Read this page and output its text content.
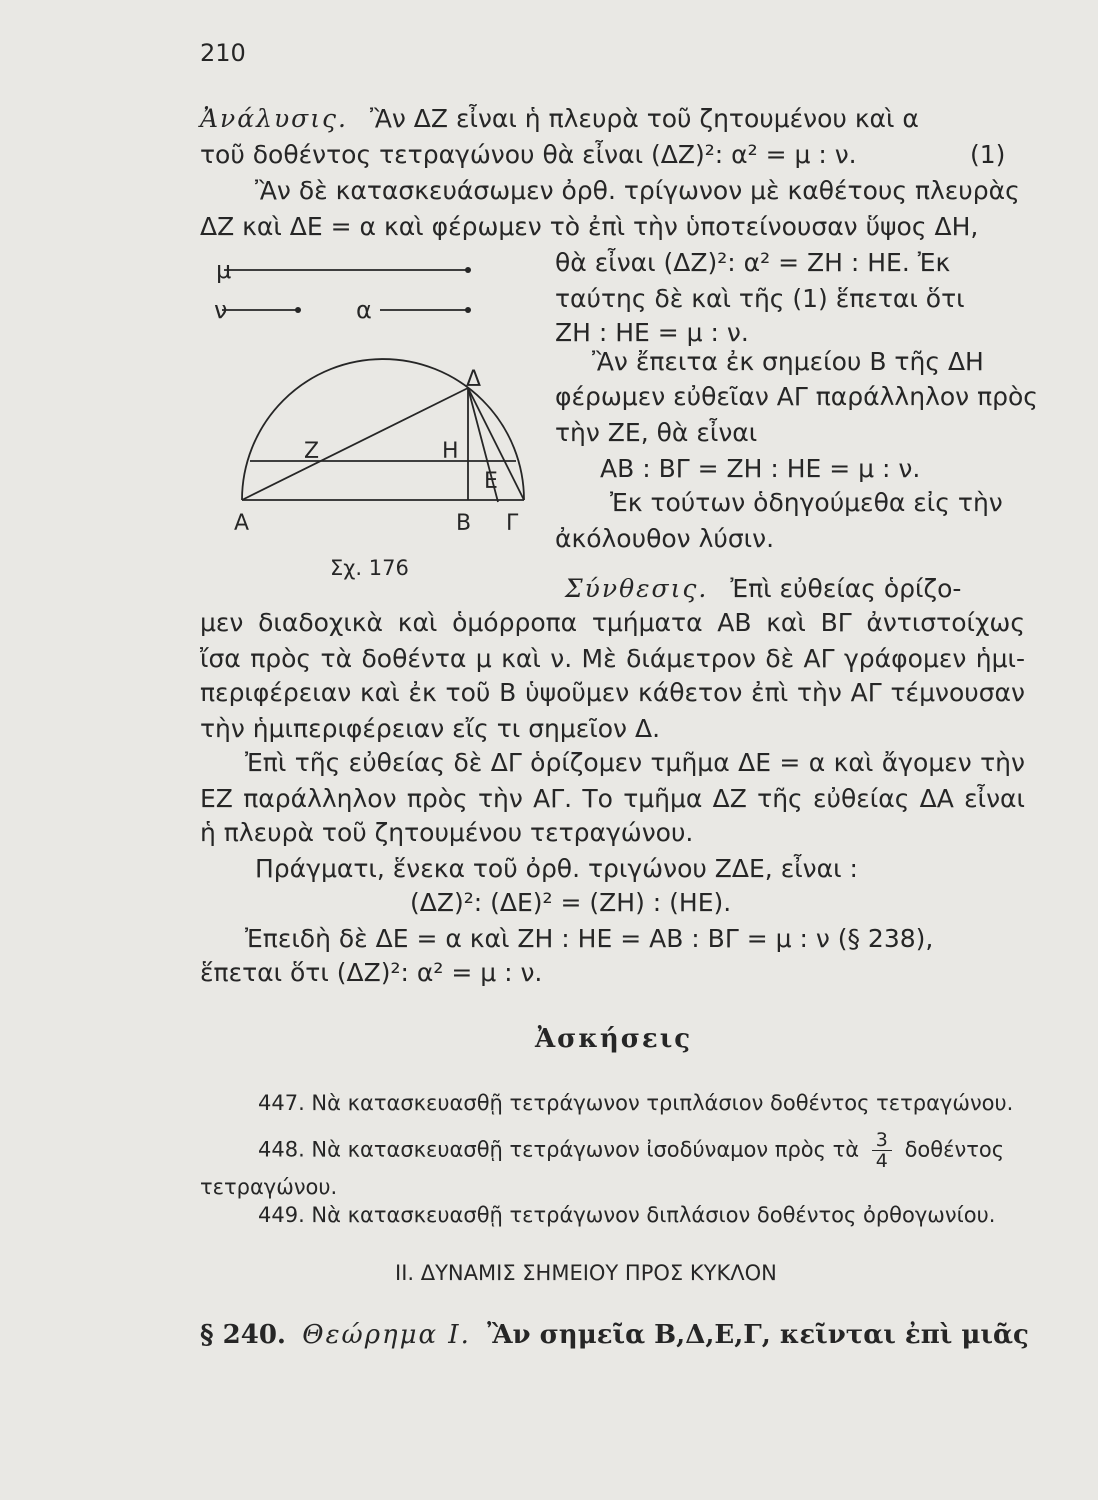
210
Ἀνάλυσις. Ἂν ΔΖ εἶναι ἡ πλευρὰ τοῦ ζητουμένου καὶ α
τοῦ δοθέντος τετραγώνου θὰ εἶναι (ΔΖ)²: α² = μ : ν.	(1)
Ἂν δὲ κατασκευάσωμεν ὀρθ. τρίγωνον μὲ καθέτους πλευρὰς
ΔΖ καὶ ΔΕ = α καὶ φέρωμεν τὸ ἐπὶ τὴν ὑποτείνουσαν ὕψος ΔΗ,
θὰ εἶναι (ΔΖ)²: α² = ΖΗ : ΗΕ. Ἐκ
ταύτης δὲ καὶ τῆς (1) ἕπεται ὅτι
ΖΗ : ΗΕ = μ : ν.
Ἂν ἔπειτα ἐκ σημείου Β τῆς ΔΗ
φέρωμεν εὐθεῖαν ΑΓ παράλληλον πρὸς
τὴν ΖΕ, θὰ εἶναι
ΑΒ : ΒΓ = ΖΗ : ΗΕ = μ : ν.
Ἐκ τούτων ὁδηγούμεθα εἰς τὴν
ἀκόλουθον λύσιν.
μ
ν	α
Α	Β Γ
Δ
Ζ	Η
Ε
Σχ. 176
Σύνθεσις. Ἐπὶ εὐθείας ὁρίζο-
μεν διαδοχικὰ καὶ ὁμόρροπα τμήματα ΑΒ καὶ ΒΓ ἀντιστοίχως
ἴσα πρὸς τὰ δοθέντα μ καὶ ν. Μὲ διάμετρον δὲ ΑΓ γράφομεν ἡμι-
περιφέρειαν καὶ ἐκ τοῦ Β ὑψοῦμεν κάθετον ἐπὶ τὴν ΑΓ τέμνουσαν
τὴν ἡμιπεριφέρειαν εἴς τι σημεῖον Δ.
Ἐπὶ τῆς εὐθείας δὲ ΔΓ ὁρίζομεν τμῆμα ΔΕ = α καὶ ἄγομεν τὴν
ΕΖ παράλληλον πρὸς τὴν ΑΓ. Το τμῆμα ΔΖ τῆς εὐθείας ΔΑ εἶναι
ἡ πλευρὰ τοῦ ζητουμένου τετραγώνου.
Πράγματι, ἕνεκα τοῦ ὀρθ. τριγώνου ΖΔΕ, εἶναι :
(ΔΖ)²: (ΔΕ)² = (ΖΗ) : (ΗΕ).
Ἐπειδὴ δὲ ΔΕ = α καὶ ΖΗ : ΗΕ = ΑΒ : ΒΓ = μ : ν (§ 238),
ἕπεται ὅτι (ΔΖ)²: α² = μ : ν.
Ἀσκήσεις
447. Νὰ κατασκευασθῇ τετράγωνον τριπλάσιον δοθέντος τετραγώνου.
448. Νὰ κατασκευασθῇ τετράγωνον ἰσοδύναμον πρὸς τὰ $\frac{3}{4}$ δοθέντος
τετραγώνου.
449. Νὰ κατασκευασθῇ τετράγωνον διπλάσιον δοθέντος ὀρθογωνίου.
II. ΔΥΝΑΜΙΣ ΣΗΜΕΙΟΥ ΠΡΟΣ ΚΥΚΛΟΝ
§ 240. Θεώρημα Ι. Ἂν σημεῖα Β,Δ,Ε,Γ, κεῖνται ἐπὶ μιᾶς
